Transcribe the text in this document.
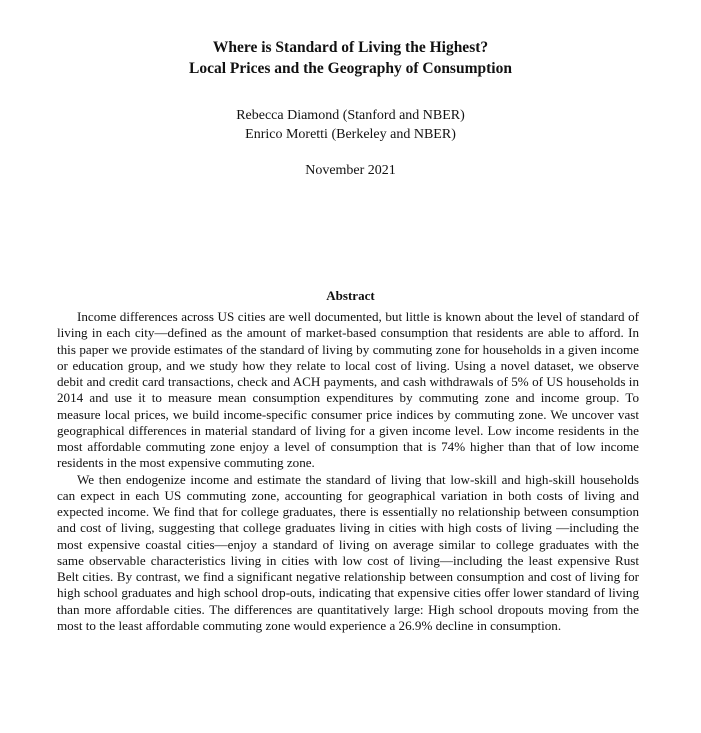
Where is Standard of Living the Highest?
Local Prices and the Geography of Consumption
Rebecca Diamond (Stanford and NBER)
Enrico Moretti (Berkeley and NBER)
November 2021
Abstract

Income differences across US cities are well documented, but little is known about the level of standard of living in each city—defined as the amount of market-based consumption that residents are able to afford. In this paper we provide estimates of the standard of living by commuting zone for households in a given income or education group, and we study how they relate to local cost of living. Using a novel dataset, we observe debit and credit card transactions, check and ACH payments, and cash withdrawals of 5% of US households in 2014 and use it to measure mean consumption expenditures by commuting zone and income group. To measure local prices, we build income-specific consumer price indices by commuting zone. We uncover vast geographical differences in material standard of living for a given income level. Low income residents in the most affordable commuting zone enjoy a level of consumption that is 74% higher than that of low income residents in the most expensive commuting zone.

We then endogenize income and estimate the standard of living that low-skill and high-skill households can expect in each US commuting zone, accounting for geographical variation in both costs of living and expected income. We find that for college graduates, there is essentially no relationship between consumption and cost of living, suggesting that college graduates living in cities with high costs of living —including the most expensive coastal cities—enjoy a standard of living on average similar to college graduates with the same observable characteristics living in cities with low cost of living—including the least expensive Rust Belt cities. By contrast, we find a significant negative relationship between consumption and cost of living for high school graduates and high school drop-outs, indicating that expensive cities offer lower standard of living than more affordable cities. The differences are quantitatively large: High school dropouts moving from the most to the least affordable commuting zone would experience a 26.9% decline in consumption.
